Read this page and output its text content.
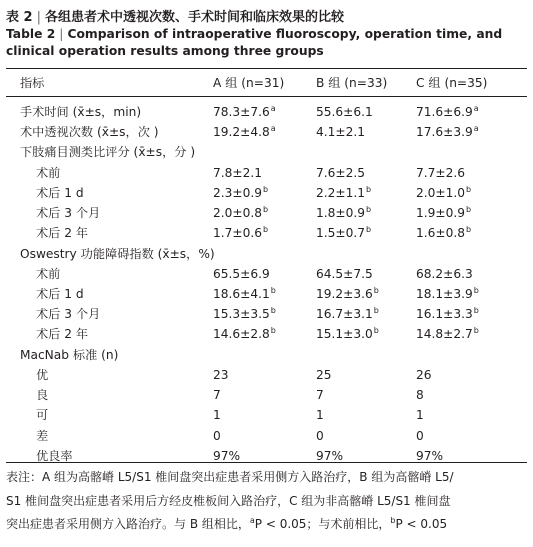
表 2 | 各组患者术中透视次数、手术时间和临床效果的比较
Table 2 | Comparison of intraoperative fluoroscopy, operation time, and clinical operation results among three groups
指标	A 组 (n=31)	B 组 (n=33) C 组 (n=35)
手术时间 (x̄±s，min)	78.3±7.6$^a$	55.6±6.1	71.6±6.9$^a$
术中透视次数 (x̄±s，次 )	19.2±4.8$^a$	4.1±2.1	17.6±3.9$^a$
下肢痛目测类比评分 (x̄±s，分 )
术前	7.8±2.1	7.6±2.5	7.7±2.6
术后 1 d	2.3±0.9$^b$	2.2±1.1$^b$	2.0±1.0$^b$
术后 3 个月	2.0±0.8$^b$	1.8±0.9$^b$	1.9±0.9$^b$
术后 2 年	1.7±0.6$^b$	1.5±0.7$^b$	1.6±0.8$^b$
Oswestry 功能障碍指数 (x̄±s，%)
术前	65.5±6.9	64.5±7.5	68.2±6.3
术后 1 d	18.6±4.1$^b$	19.2±3.6$^b$	18.1±3.9$^b$
术后 3 个月	15.3±3.5$^b$	16.7±3.1$^b$	16.1±3.3$^b$
术后 2 年	14.6±2.8$^b$	15.1±3.0$^b$	14.8±2.7$^b$
MacNab 标准 (n)
优	23	25	26
良	7	7	8
可	1	1	1
差	0	0	0
优良率	97%	97%	97%
表注：A 组为高髂嵴 L5/S1 椎间盘突出症患者采用侧方入路治疗，B 组为高髂嵴 L5/
S1 椎间盘突出症患者采用后方经皮椎板间入路治疗，C 组为非高髂嵴 L5/S1 椎间盘
突出症患者采用侧方入路治疗。与 B 组相比，$^a$P < 0.05；与术前相比，$^b$P < 0.05
